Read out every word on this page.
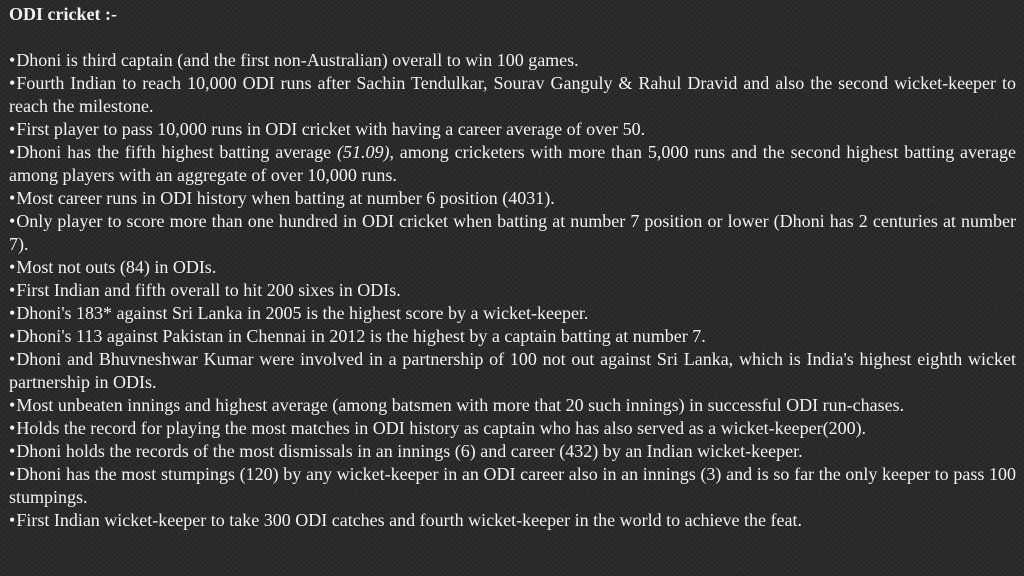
ODI cricket :-
•Dhoni is third captain (and the first non-Australian) overall to win 100 games.
•Fourth Indian to reach 10,000 ODI runs after Sachin Tendulkar, Sourav Ganguly & Rahul Dravid and also the second wicket-keeper to reach the milestone.
•First player to pass 10,000 runs in ODI cricket with having a career average of over 50.
•Dhoni has the fifth highest batting average (51.09), among cricketers with more than 5,000 runs and the second highest batting average among players with an aggregate of over 10,000 runs.
•Most career runs in ODI history when batting at number 6 position (4031).
•Only player to score more than one hundred in ODI cricket when batting at number 7 position or lower (Dhoni has 2 centuries at number 7).
•Most not outs (84) in ODIs.
•First Indian and fifth overall to hit 200 sixes in ODIs.
•Dhoni's 183* against Sri Lanka in 2005 is the highest score by a wicket-keeper.
•Dhoni's 113 against Pakistan in Chennai in 2012 is the highest by a captain batting at number 7.
•Dhoni and Bhuvneshwar Kumar were involved in a partnership of 100 not out against Sri Lanka, which is India's highest eighth wicket partnership in ODIs.
•Most unbeaten innings and highest average (among batsmen with more that 20 such innings) in successful ODI run-chases.
•Holds the record for playing the most matches in ODI history as captain who has also served as a wicket-keeper(200).
•Dhoni holds the records of the most dismissals in an innings (6) and career (432) by an Indian wicket-keeper.
•Dhoni has the most stumpings (120) by any wicket-keeper in an ODI career also in an innings (3) and is so far the only keeper to pass 100 stumpings.
•First Indian wicket-keeper to take 300 ODI catches and fourth wicket-keeper in the world to achieve the feat.
